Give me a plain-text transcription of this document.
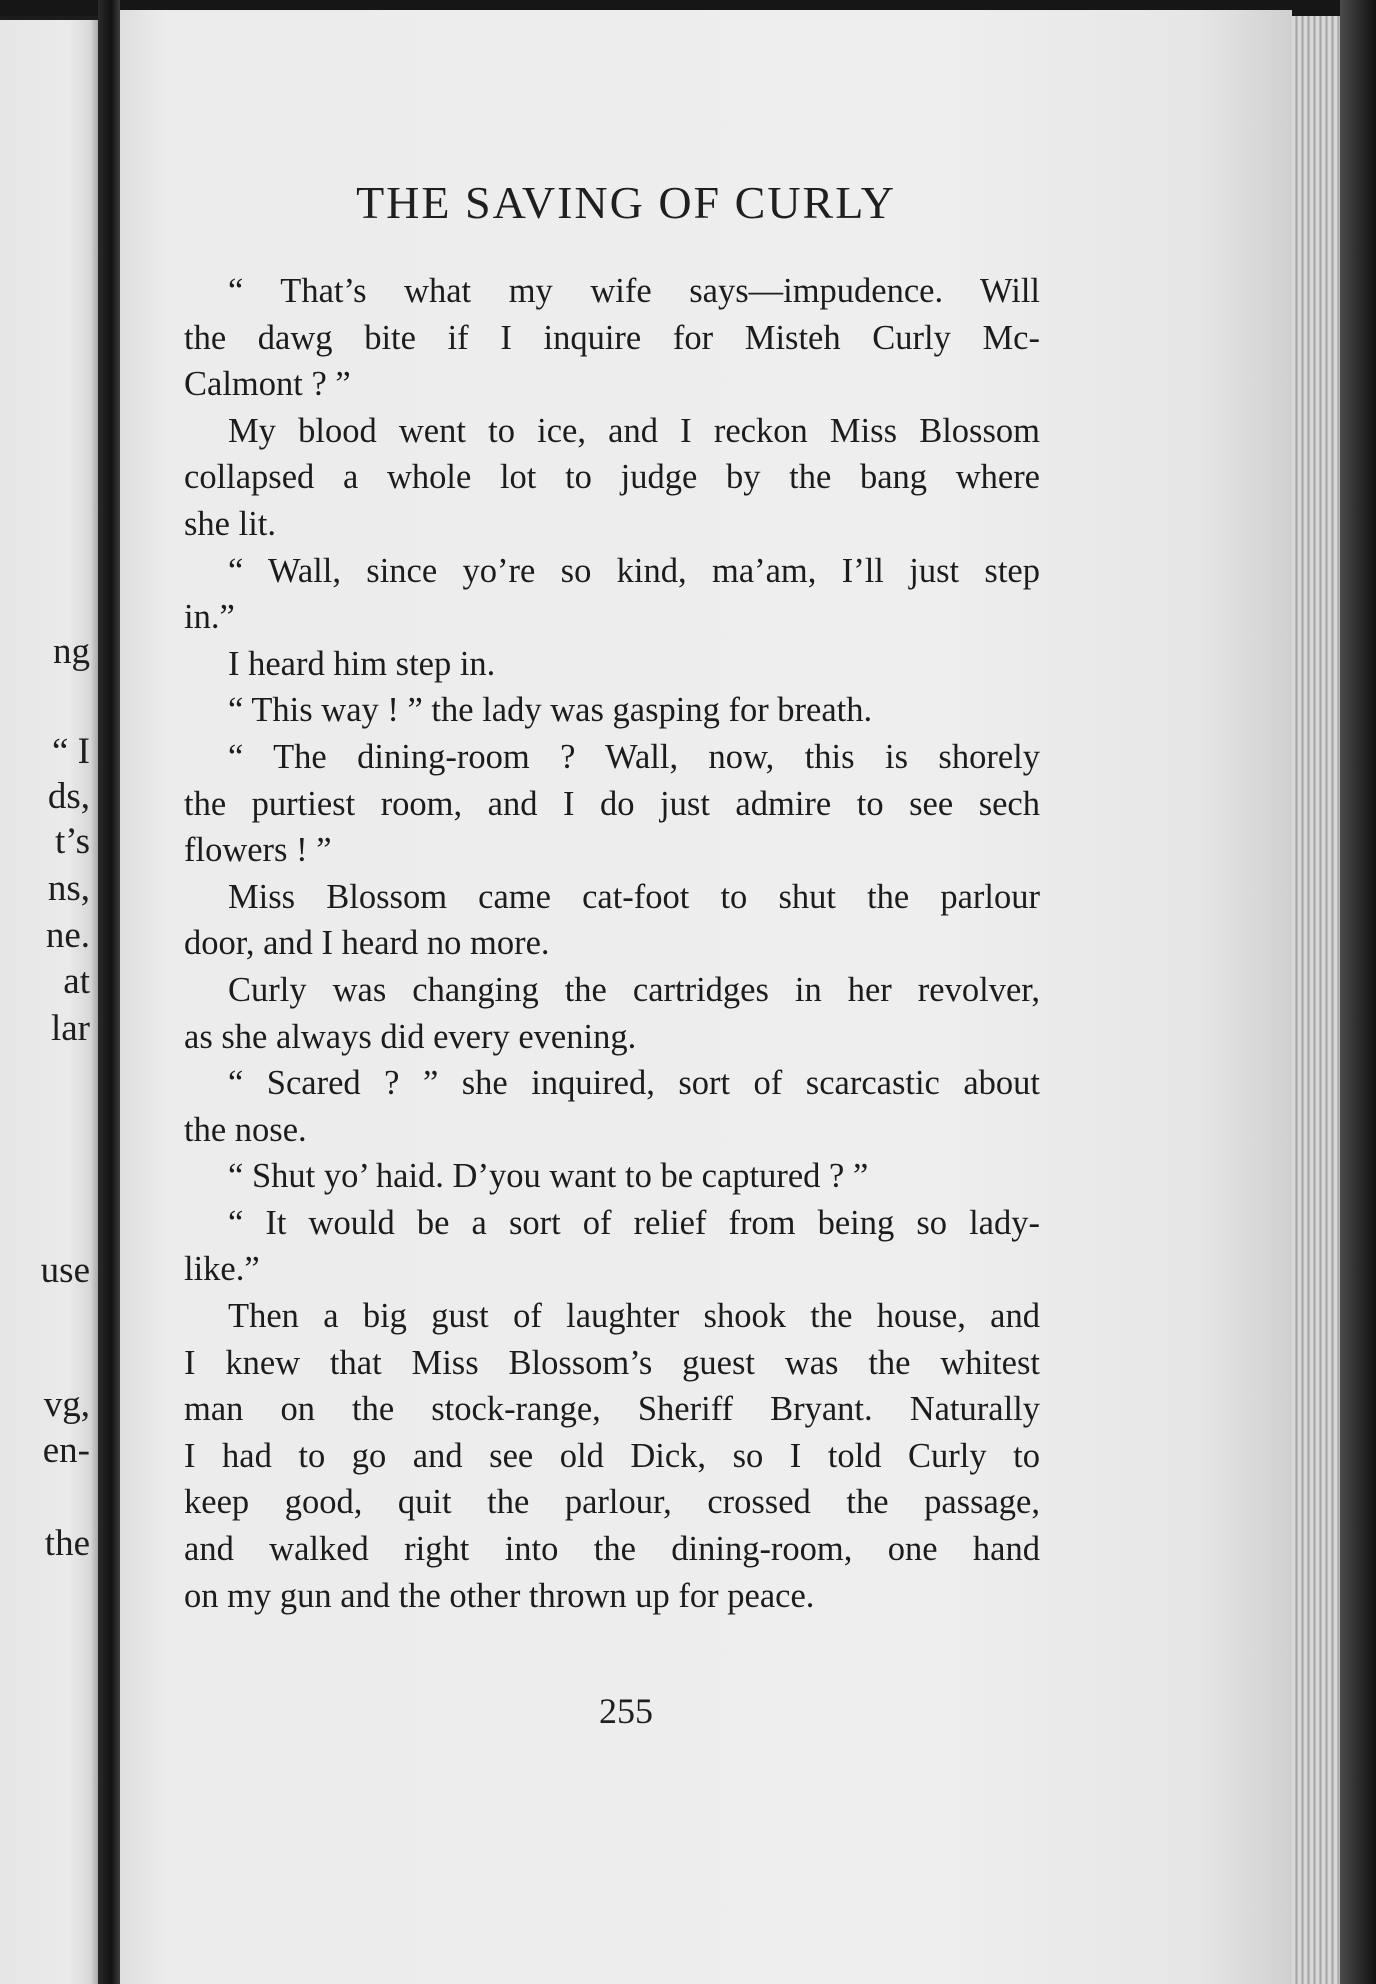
ng
“ I
ds,
t’s
ns,
ne.
at
lar
use
vg,
en-
the
THE SAVING OF CURLY
“ That’s what my wife says—impudence. Will
the dawg bite if I inquire for Misteh Curly Mc-
Calmont ? ”
My blood went to ice, and I reckon Miss Blossom
collapsed a whole lot to judge by the bang where
she lit.
“ Wall, since yo’re so kind, ma’am, I’ll just step
in.”
I heard him step in.
“ This way ! ” the lady was gasping for breath.
“ The dining-room ? Wall, now, this is shorely
the purtiest room, and I do just admire to see sech
flowers ! ”
Miss Blossom came cat-foot to shut the parlour
door, and I heard no more.
Curly was changing the cartridges in her revolver,
as she always did every evening.
“ Scared ? ” she inquired, sort of scarcastic about
the nose.
“ Shut yo’ haid. D’you want to be captured ? ”
“ It would be a sort of relief from being so lady-
like.”
Then a big gust of laughter shook the house, and
I knew that Miss Blossom’s guest was the whitest
man on the stock-range, Sheriff Bryant. Naturally
I had to go and see old Dick, so I told Curly to
keep good, quit the parlour, crossed the passage,
and walked right into the dining-room, one hand
on my gun and the other thrown up for peace.
255
